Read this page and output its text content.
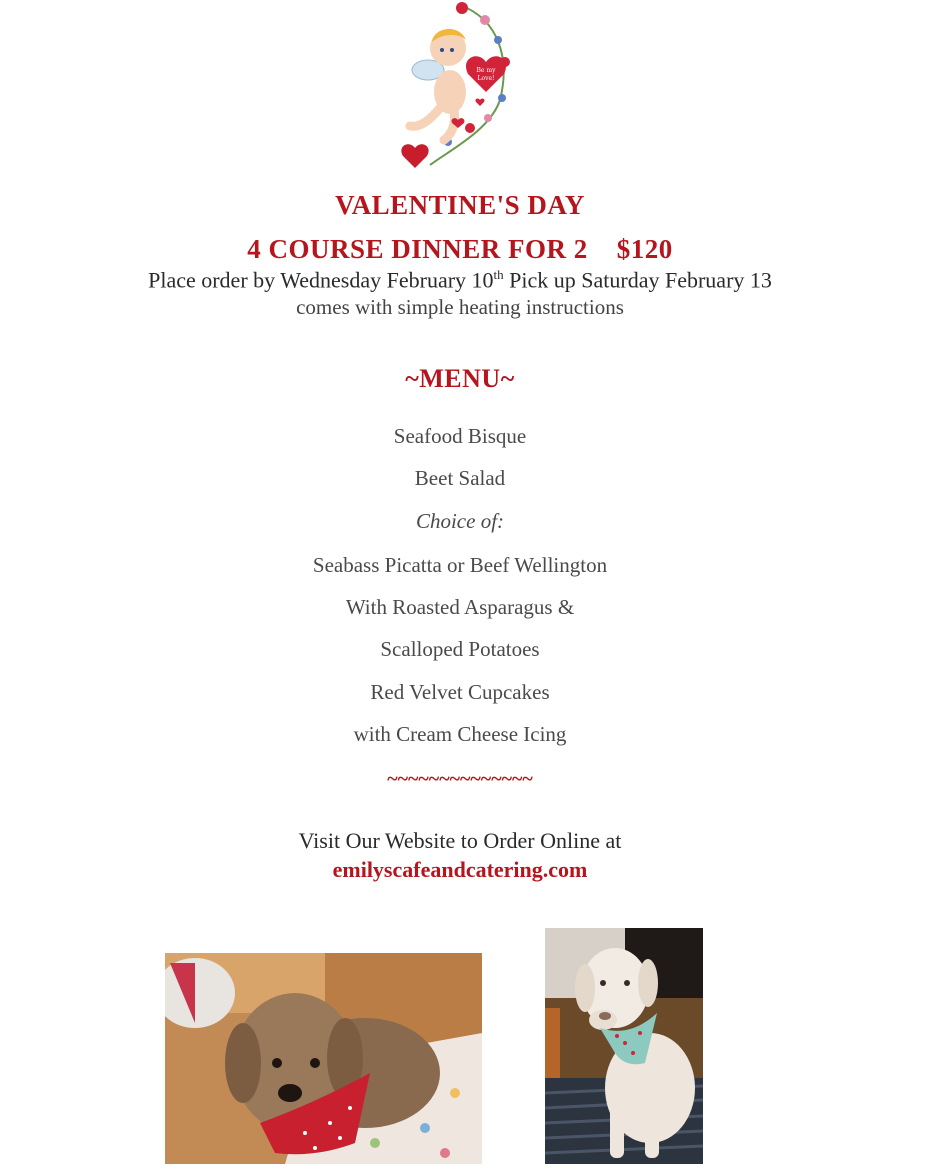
Be my
Love!
VALENTINE'S DAY
4 COURSE DINNER FOR 2    $120
Place order by Wednesday February 10th Pick up Saturday February 13
comes with simple heating instructions
~MENU~
Seafood Bisque
Beet Salad
Choice of:
Seabass Picatta or Beef Wellington
With Roasted Asparagus &
Scalloped Potatoes
Red Velvet Cupcakes
with Cream Cheese Icing
~~~~~~~~~~~~~~
Visit Our Website to Order Online at
emilyscafeandcatering.com
